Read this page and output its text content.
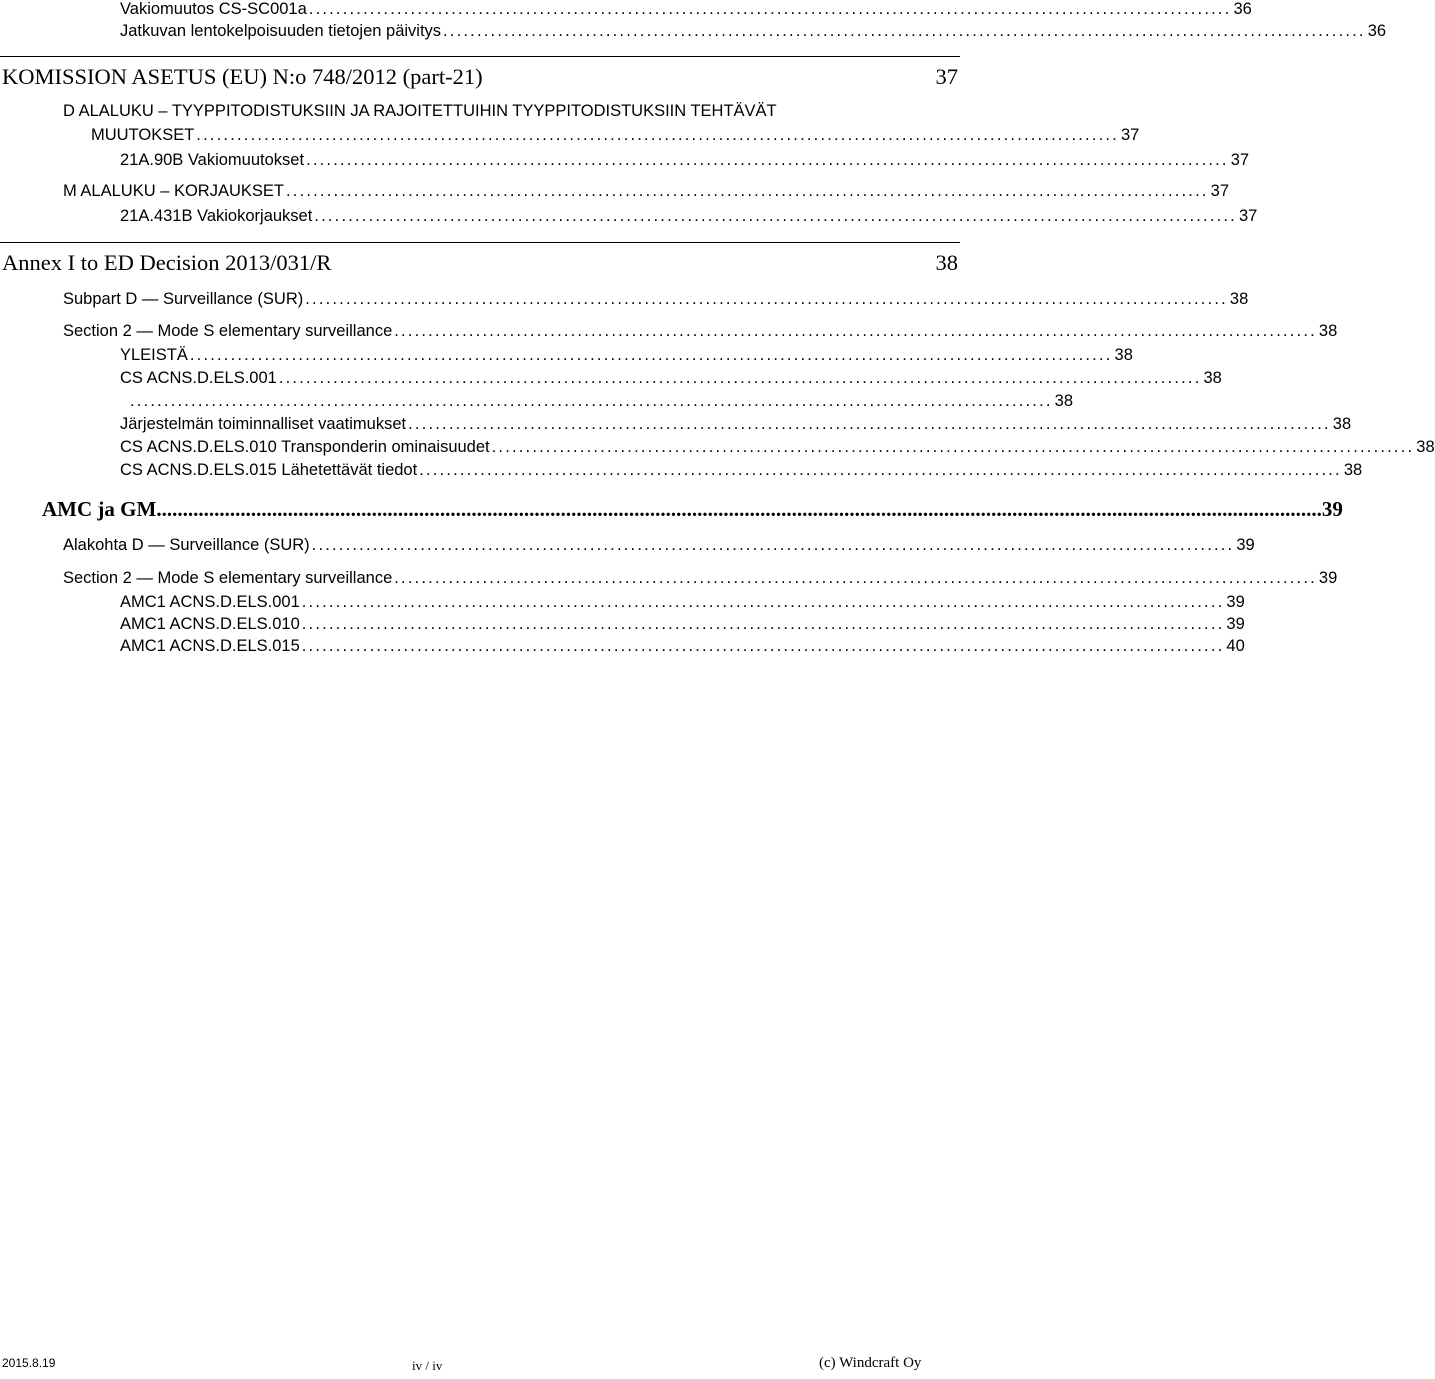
Vakiomuutos CS-SC001a ........................................................................................................................................ 36
Jatkuvan lentokelpoisuuden tietojen päivitys ........................................................................................................................................ 36
KOMISSION ASETUS (EU) N:o 748/2012 (part-21)	37
D ALALUKU – TYYPPITODISTUKSIIN JA RAJOITETTUIHIN TYYPPITODISTUKSIIN TEHTÄVÄT
MUUTOKSET ........................................................................................................................................ 37
21A.90B Vakiomuutokset ........................................................................................................................................ 37
M ALALUKU – KORJAUKSET ........................................................................................................................................ 37
21A.431B Vakiokorjaukset ........................................................................................................................................ 37
Annex I to ED Decision 2013/031/R	38
Subpart D — Surveillance (SUR) ........................................................................................................................................ 38
Section 2 — Mode S elementary surveillance ........................................................................................................................................ 38
YLEISTÄ ........................................................................................................................................ 38
CS ACNS.D.ELS.001 ........................................................................................................................................ 38
........................................................................................................................................ 38
Järjestelmän toiminnalliset vaatimukset ........................................................................................................................................ 38
CS ACNS.D.ELS.010 Transponderin ominaisuudet ........................................................................................................................................ 38
CS ACNS.D.ELS.015 Lähetettävät tiedot ........................................................................................................................................ 38
AMC ja GM .............................................................................................................................................................................................................................. 39
Alakohta D — Surveillance (SUR) ........................................................................................................................................ 39
Section 2 — Mode S elementary surveillance ........................................................................................................................................ 39
AMC1 ACNS.D.ELS.001 ........................................................................................................................................ 39
AMC1 ACNS.D.ELS.010 ........................................................................................................................................ 39
AMC1 ACNS.D.ELS.015 ........................................................................................................................................ 40
2015.8.19	iv / iv	(c) Windcraft Oy
